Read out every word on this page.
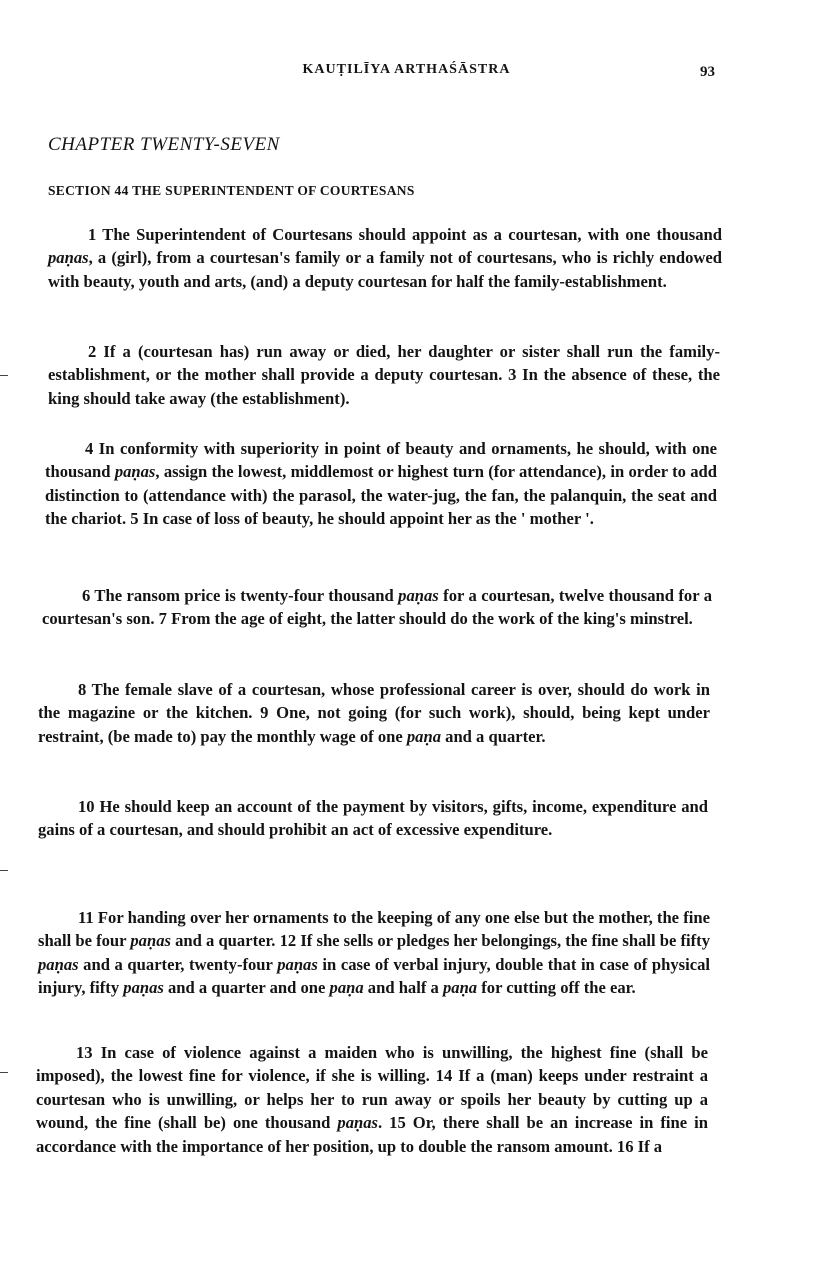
KAUṬILĪYA ARTHAŚĀSTRA	93
CHAPTER TWENTY-SEVEN
SECTION 44 THE SUPERINTENDENT OF COURTESANS

1 The Superintendent of Courtesans should appoint as a courtesan, with one thousand paṇas, a (girl), from a courtesan's family or a family not of courtesans, who is richly endowed with beauty, youth and arts, (and) a deputy courtesan for half the family-establishment.

2 If a (courtesan has) run away or died, her daughter or sister shall run the family-establishment, or the mother shall provide a deputy courtesan. 3 In the absence of these, the king should take away (the establishment).

4 In conformity with superiority in point of beauty and ornaments, he should, with one thousand paṇas, assign the lowest, middlemost or highest turn (for attendance), in order to add distinction to (attendance with) the parasol, the water-jug, the fan, the palanquin, the seat and the chariot. 5 In case of loss of beauty, he should appoint her as the ' mother '.

6 The ransom price is twenty-four thousand paṇas for a courtesan, twelve thousand for a courtesan's son. 7 From the age of eight, the latter should do the work of the king's minstrel.

8 The female slave of a courtesan, whose professional career is over, should do work in the magazine or the kitchen. 9 One, not going (for such work), should, being kept under restraint, (be made to) pay the monthly wage of one paṇa and a quarter.

10 He should keep an account of the payment by visitors, gifts, income, expenditure and gains of a courtesan, and should prohibit an act of excessive expenditure.

11 For handing over her ornaments to the keeping of any one else but the mother, the fine shall be four paṇas and a quarter. 12 If she sells or pledges her belongings, the fine shall be fifty paṇas and a quarter, twenty-four paṇas in case of verbal injury, double that in case of physical injury, fifty paṇas and a quarter and one paṇa and half a paṇa for cutting off the ear.

13 In case of violence against a maiden who is unwilling, the highest fine (shall be imposed), the lowest fine for violence, if she is willing. 14 If a (man) keeps under restraint a courtesan who is unwilling, or helps her to run away or spoils her beauty by cutting up a wound, the fine (shall be) one thousand paṇas. 15 Or, there shall be an increase in fine in accordance with the importance of her position, up to double the ransom amount. 16 If a
